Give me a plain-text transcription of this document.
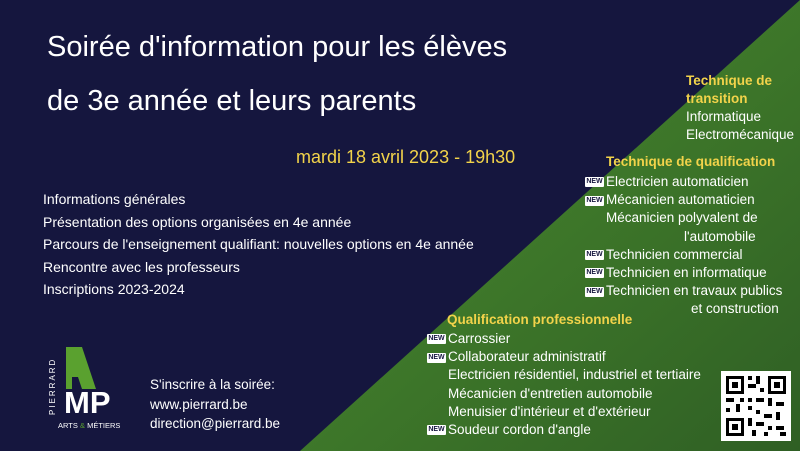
Soirée d'information pour les élèves
de 3e année et leurs parents
mardi 18 avril 2023 - 19h30
Informations générales
Présentation des options organisées en 4e année
Parcours de l'enseignement qualifiant: nouvelles options en 4e année
Rencontre avec les professeurs
Inscriptions 2023-2024
Technique de
transition
Informatique
Electromécanique
Technique de qualification
NEW Electricien automaticien
NEW Mécanicien automaticien
Mécanicien polyvalent de
l'automobile
NEW Technicien commercial
NEW Technicien en informatique
NEW Technicien en travaux publics
et construction
Qualification professionnelle
NEW Carrossier
NEW Collaborateur administratif
Electricien résidentiel, industriel et tertiaire
Mécanicien d'entretien automobile
Menuisier d'intérieur et d'extérieur
NEW Soudeur cordon d'angle
PIERRARD MP
ARTS & MÉTIERS
S'inscrire à la soirée:
www.pierrard.be
direction@pierrard.be
